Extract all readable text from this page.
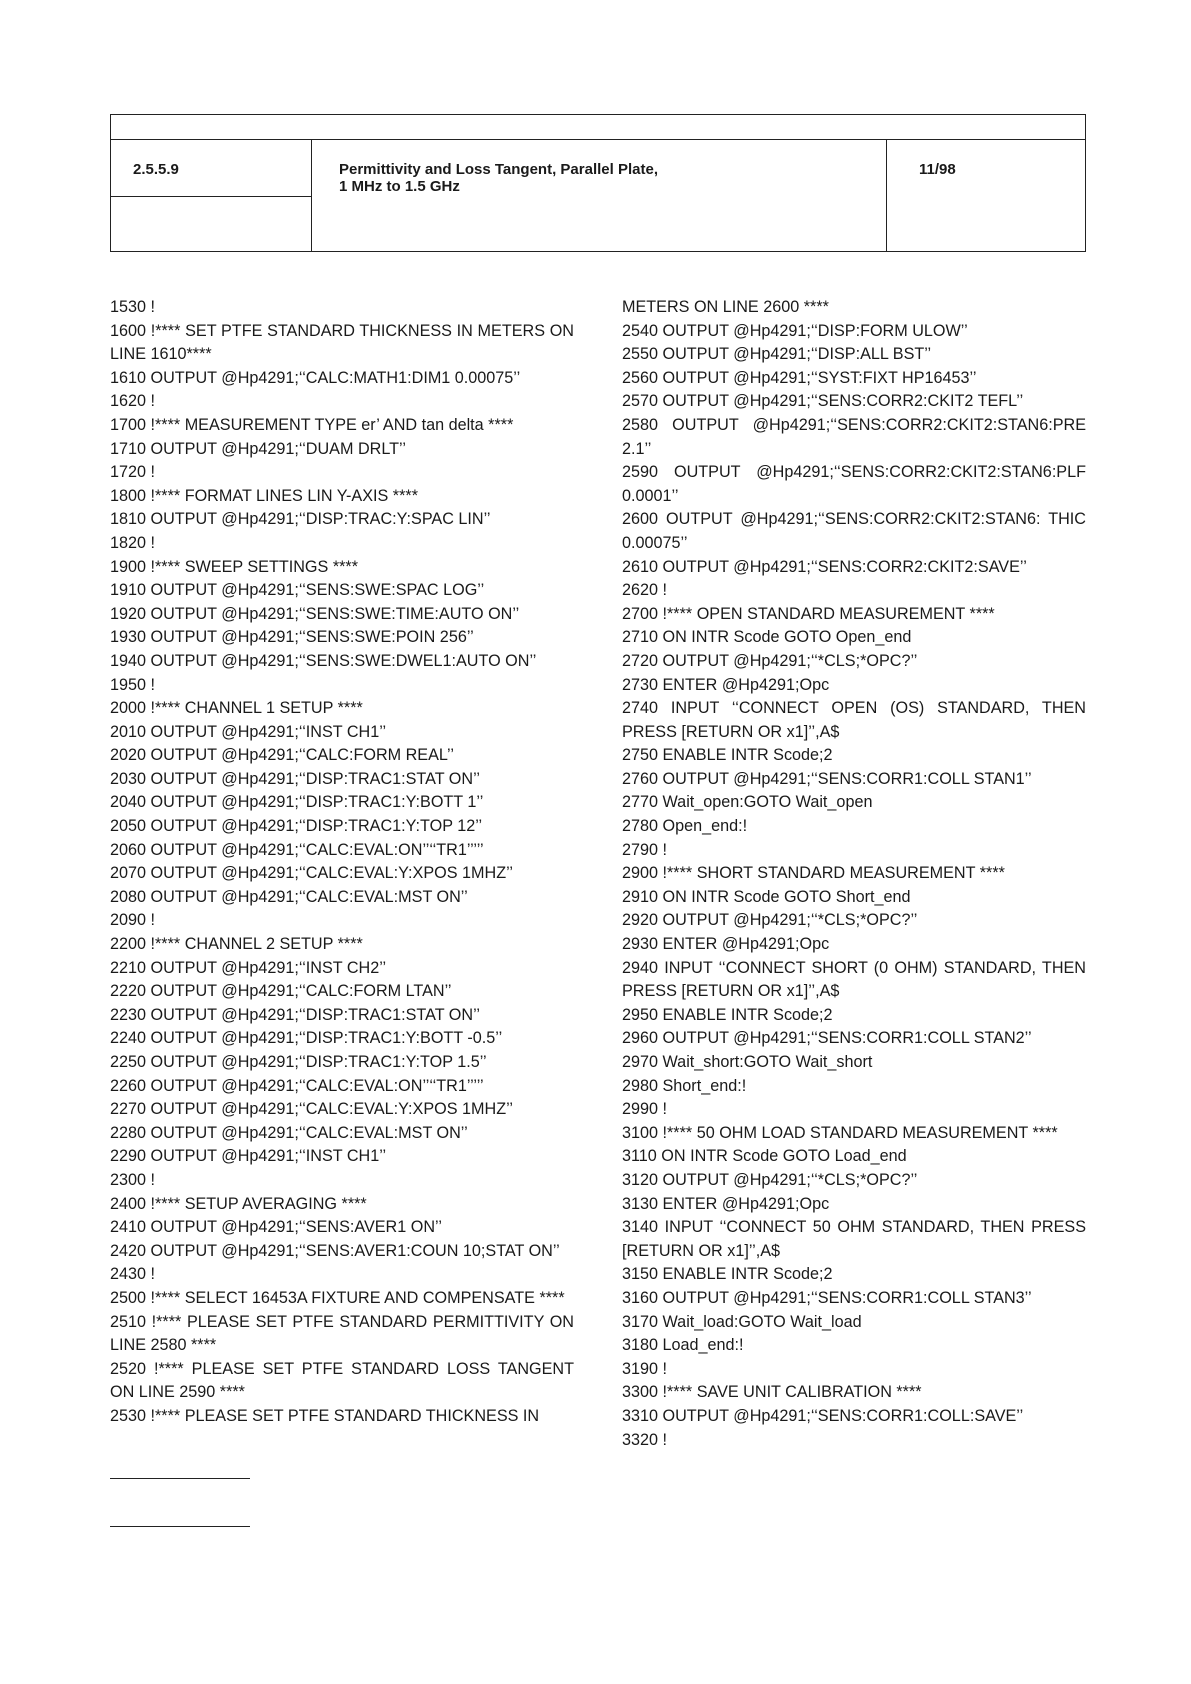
2.5.5.9	Permittivity and Loss Tangent, Parallel Plate,
1 MHz to 1.5 GHz
11/98
1530 !
1600 !**** SET PTFE STANDARD THICKNESS IN METERS ON LINE 1610****
1610 OUTPUT @Hp4291;‘‘CALC:MATH1:DIM1 0.00075’’
1620 !
1700 !**** MEASUREMENT TYPE er’ AND tan delta ****
1710 OUTPUT @Hp4291;‘‘DUAM DRLT’’
1720 !
1800 !**** FORMAT LINES LIN Y-AXIS ****
1810 OUTPUT @Hp4291;‘‘DISP:TRAC:Y:SPAC LIN’’
1820 !
1900 !**** SWEEP SETTINGS ****
1910 OUTPUT @Hp4291;‘‘SENS:SWE:SPAC LOG’’
1920 OUTPUT @Hp4291;‘‘SENS:SWE:TIME:AUTO ON’’
1930 OUTPUT @Hp4291;‘‘SENS:SWE:POIN 256’’
1940 OUTPUT @Hp4291;‘‘SENS:SWE:DWEL1:AUTO ON’’
1950 !
2000 !**** CHANNEL 1 SETUP ****
2010 OUTPUT @Hp4291;‘‘INST CH1’’
2020 OUTPUT @Hp4291;‘‘CALC:FORM REAL’’
2030 OUTPUT @Hp4291;‘‘DISP:TRAC1:STAT ON’’
2040 OUTPUT @Hp4291;‘‘DISP:TRAC1:Y:BOTT 1’’
2050 OUTPUT @Hp4291;‘‘DISP:TRAC1:Y:TOP 12’’
2060 OUTPUT @Hp4291;‘‘CALC:EVAL:ON’’‘‘TR1’’’’’
2070 OUTPUT @Hp4291;‘‘CALC:EVAL:Y:XPOS 1MHZ’’
2080 OUTPUT @Hp4291;‘‘CALC:EVAL:MST ON’’
2090 !
2200 !**** CHANNEL 2 SETUP ****
2210 OUTPUT @Hp4291;‘‘INST CH2’’
2220 OUTPUT @Hp4291;‘‘CALC:FORM LTAN’’
2230 OUTPUT @Hp4291;‘‘DISP:TRAC1:STAT ON’’
2240 OUTPUT @Hp4291;‘‘DISP:TRAC1:Y:BOTT -0.5’’
2250 OUTPUT @Hp4291;‘‘DISP:TRAC1:Y:TOP 1.5’’
2260 OUTPUT @Hp4291;‘‘CALC:EVAL:ON’’‘‘TR1’’’’’
2270 OUTPUT @Hp4291;‘‘CALC:EVAL:Y:XPOS 1MHZ’’
2280 OUTPUT @Hp4291;‘‘CALC:EVAL:MST ON’’
2290 OUTPUT @Hp4291;‘‘INST CH1’’
2300 !
2400 !**** SETUP AVERAGING ****
2410 OUTPUT @Hp4291;‘‘SENS:AVER1 ON’’
2420 OUTPUT @Hp4291;‘‘SENS:AVER1:COUN 10;STAT ON’’
2430 !
2500 !**** SELECT 16453A FIXTURE AND COMPENSATE ****
2510 !**** PLEASE SET PTFE STANDARD PERMITTIVITY ON LINE 2580 ****
2520 !**** PLEASE SET PTFE STANDARD LOSS TANGENT ON LINE 2590 ****
2530 !**** PLEASE SET PTFE STANDARD THICKNESS IN
METERS ON LINE 2600 ****
2540 OUTPUT @Hp4291;‘‘DISP:FORM ULOW’’
2550 OUTPUT @Hp4291;‘‘DISP:ALL BST’’
2560 OUTPUT @Hp4291;‘‘SYST:FIXT HP16453’’
2570 OUTPUT @Hp4291;‘‘SENS:CORR2:CKIT2 TEFL’’
2580 OUTPUT @Hp4291;‘‘SENS:CORR2:CKIT2:STAN6:PRE 2.1’’
2590 OUTPUT @Hp4291;‘‘SENS:CORR2:CKIT2:STAN6:PLF 0.0001’’
2600 OUTPUT @Hp4291;‘‘SENS:CORR2:CKIT2:STAN6: THIC 0.00075’’
2610 OUTPUT @Hp4291;‘‘SENS:CORR2:CKIT2:SAVE’’
2620 !
2700 !**** OPEN STANDARD MEASUREMENT ****
2710 ON INTR Scode GOTO Open_end
2720 OUTPUT @Hp4291;‘‘*CLS;*OPC?’’
2730 ENTER @Hp4291;Opc
2740 INPUT ‘‘CONNECT OPEN (OS) STANDARD, THEN PRESS [RETURN OR x1]’’,A$
2750 ENABLE INTR Scode;2
2760 OUTPUT @Hp4291;‘‘SENS:CORR1:COLL STAN1’’
2770 Wait_open:GOTO Wait_open
2780 Open_end:!
2790 !
2900 !**** SHORT STANDARD MEASUREMENT ****
2910 ON INTR Scode GOTO Short_end
2920 OUTPUT @Hp4291;‘‘*CLS;*OPC?’’
2930 ENTER @Hp4291;Opc
2940 INPUT ‘‘CONNECT SHORT (0 OHM) STANDARD, THEN PRESS [RETURN OR x1]’’,A$
2950 ENABLE INTR Scode;2
2960 OUTPUT @Hp4291;‘‘SENS:CORR1:COLL STAN2’’
2970 Wait_short:GOTO Wait_short
2980 Short_end:!
2990 !
3100 !**** 50 OHM LOAD STANDARD MEASUREMENT ****
3110 ON INTR Scode GOTO Load_end
3120 OUTPUT @Hp4291;‘‘*CLS;*OPC?’’
3130 ENTER @Hp4291;Opc
3140 INPUT ‘‘CONNECT 50 OHM STANDARD, THEN PRESS [RETURN OR x1]’’,A$
3150 ENABLE INTR Scode;2
3160 OUTPUT @Hp4291;‘‘SENS:CORR1:COLL STAN3’’
3170 Wait_load:GOTO Wait_load
3180 Load_end:!
3190 !
3300 !**** SAVE UNIT CALIBRATION ****
3310 OUTPUT @Hp4291;‘‘SENS:CORR1:COLL:SAVE’’
3320 !
